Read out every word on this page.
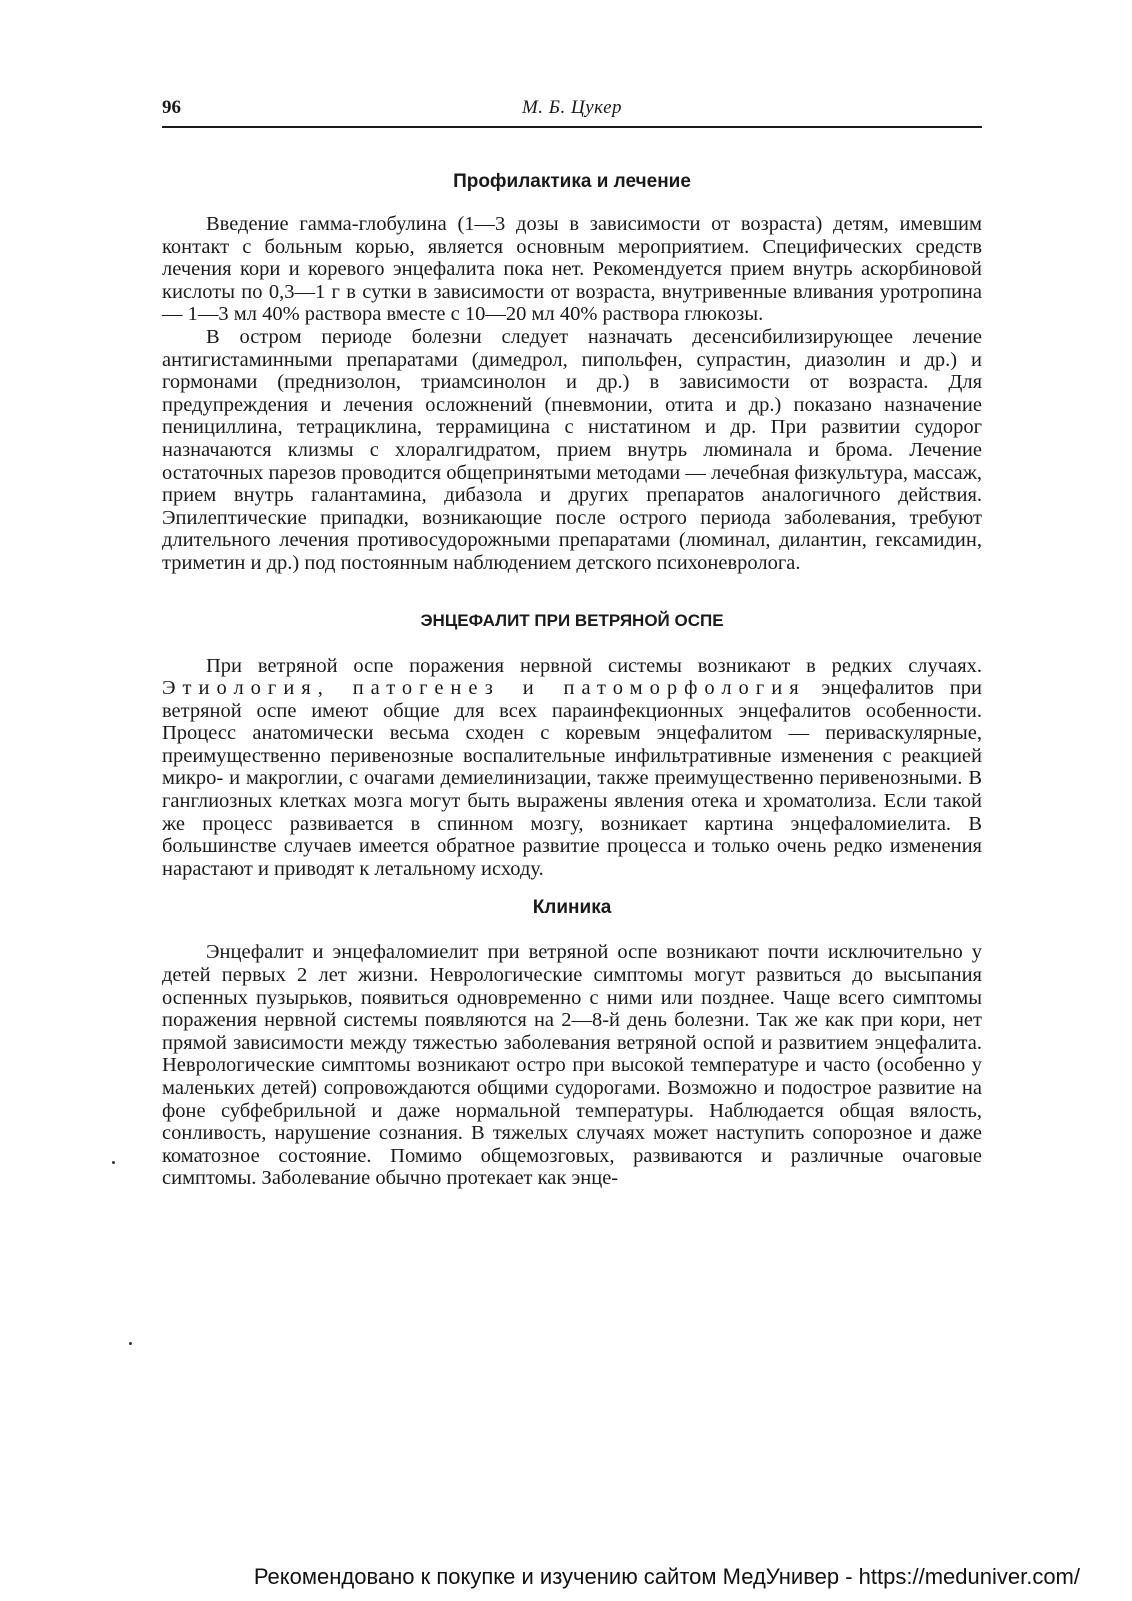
96	М. Б. Цукер
Профилактика и лечение

Введение гамма-глобулина (1—3 дозы в зависимости от возраста) детям, имевшим контакт с больным корью, является основным мероприятием. Специфических средств лечения кори и коревого энцефалита пока нет. Рекомендуется прием внутрь аскорбиновой кислоты по 0,3—1 г в сутки в зависимости от возраста, внутривенные вливания уротропина — 1—3 мл 40% раствора вместе с 10—20 мл 40% раствора глюкозы.

В остром периоде болезни следует назначать десенсибилизирующее лечение антигистаминными препаратами (димедрол, пипольфен, супрастин, диазолин и др.) и гормонами (преднизолон, триамсинолон и др.) в зависимости от возраста. Для предупреждения и лечения осложнений (пневмонии, отита и др.) показано назначение пенициллина, тетрациклина, террамицина с нистатином и др. При развитии судорог назначаются клизмы с хлоралгидратом, прием внутрь люминала и брома. Лечение остаточных парезов проводится общепринятыми методами — лечебная физкультура, массаж, прием внутрь галантамина, дибазола и других препаратов аналогичного действия. Эпилептические припадки, возникающие после острого периода заболевания, требуют длительного лечения противосудорожными препаратами (люминал, дилантин, гексамидин, триметин и др.) под постоянным наблюдением детского психоневролога.

ЭНЦЕФАЛИТ ПРИ ВЕТРЯНОЙ ОСПЕ

При ветряной оспе поражения нервной системы возникают в редких случаях. Этиология, патогенез и патоморфология энцефалитов при ветряной оспе имеют общие для всех параинфекционных энцефалитов особенности. Процесс анатомически весьма сходен с коревым энцефалитом — периваскулярные, преимущественно перивенозные воспалительные инфильтративные изменения с реакцией микро- и макроглии, с очагами демиелинизации, также преимущественно перивенозными. В ганглиозных клетках мозга могут быть выражены явления отека и хроматолиза. Если такой же процесс развивается в спинном мозгу, возникает картина энцефаломиелита. В большинстве случаев имеется обратное развитие процесса и только очень редко изменения нарастают и приводят к летальному исходу.

Клиника

Энцефалит и энцефаломиелит при ветряной оспе возникают почти исключительно у детей первых 2 лет жизни. Неврологические симптомы могут развиться до высыпания оспенных пузырьков, появиться одновременно с ними или позднее. Чаще всего симптомы поражения нервной системы появляются на 2—8-й день болезни. Так же как при кори, нет прямой зависимости между тяжестью заболевания ветряной оспой и развитием энцефалита. Неврологические симптомы возникают остро при высокой температуре и часто (особенно у маленьких детей) сопровождаются общими судорогами. Возможно и подострое развитие на фоне субфебрильной и даже нормальной температуры. Наблюдается общая вялость, сонливость, нарушение сознания. В тяжелых случаях может наступить сопорозное и даже коматозное состояние. Помимо общемозговых, развиваются и различные очаговые симптомы. Заболевание обычно протекает как энце-

Рекомендовано к покупке и изучению сайтом МедУнивер - https://meduniver.com/
